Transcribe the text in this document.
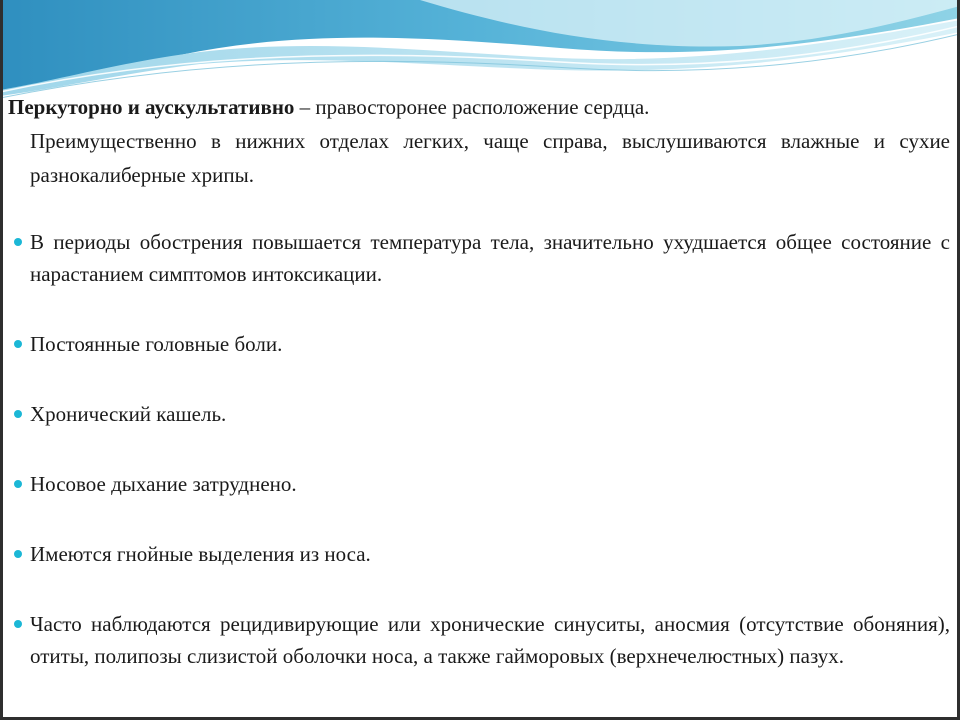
Перкуторно и аускультативно – правосторонее расположение сердца.
Преимущественно в нижних отделах легких, чаще справа, выслушиваются влажные и сухие разнокалиберные хрипы.

В периоды обострения повышается температура тела, значительно ухудшается общее состояние с нарастанием симптомов интоксикации.
Постоянные головные боли.
Хронический кашель.
Носовое дыхание затруднено.
Имеются гнойные выделения из носа.
Часто наблюдаются рецидивирующие или хронические синуситы, аносмия (отсутствие обоняния), отиты, полипозы слизистой оболочки носа, а также гайморовых (верхнечелюстных) пазух.
